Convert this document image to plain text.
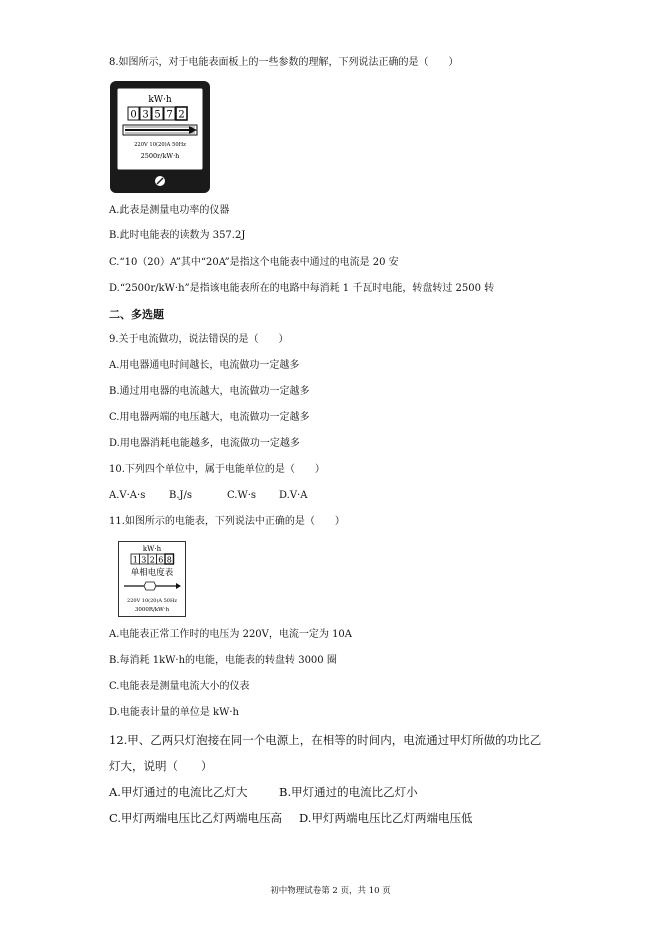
8.如图所示，对于电能表面板上的一些参数的理解，下列说法正确的是（　　）
kW·h
0 3 5 7 2
220V 10(20)A 50Hz
2500r/kW·h
A.此表是测量电功率的仪器
B.此时电能表的读数为 357.2J
C.“10（20）A”其中“20A”是指这个电能表中通过的电流是 20 安
D.“2500r/kW·h”是指该电能表所在的电路中每消耗 1 千瓦时电能，转盘转过 2500 转
二、多选题
9.关于电流做功，说法错误的是（　　）
A.用电器通电时间越长，电流做功一定越多
B.通过用电器的电流越大，电流做功一定越多
C.用电器两端的电压越大，电流做功一定越多
D.用电器消耗电能越多，电流做功一定越多
10.下列四个单位中，属于电能单位的是（　　）
A.V·A·s B.J/s	C.W·s D.V·A
11.如图所示的电能表，下列说法中正确的是（　　）
kW·h
1 3 2 6 8
单相电度表
220V 10(20)A 50Hz
3000R/kW·h
A.电能表正常工作时的电压为 220V，电流一定为 10A
B.每消耗 1kW·h的电能，电能表的转盘转 3000 圈
C.电能表是测量电流大小的仪表
D.电能表计量的单位是 kW·h
12.甲、乙两只灯泡接在同一个电源上，在相等的时间内，电流通过甲灯所做的功比乙
灯大，说明（　　）
A.甲灯通过的电流比乙灯大	B.甲灯通过的电流比乙灯小
C.甲灯两端电压比乙灯两端电压高 D.甲灯两端电压比乙灯两端电压低
初中物理试卷第 2 页，共 10 页
